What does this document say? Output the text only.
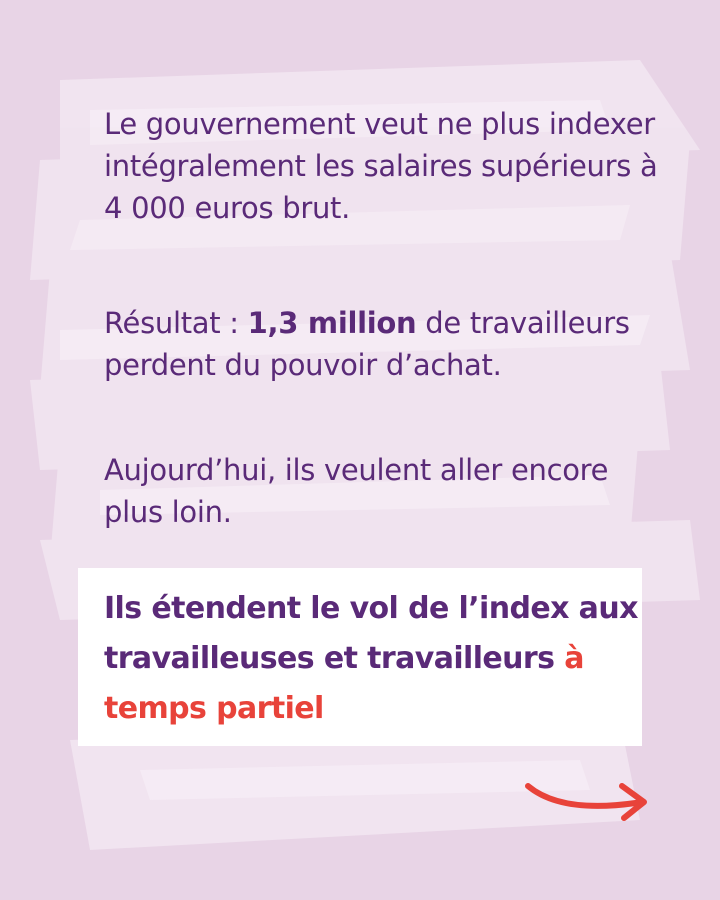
Le gouvernement veut ne plus indexer intégralement les salaires supérieurs à 4 000 euros brut.
Résultat : 1,3 million de travailleurs perdent du pouvoir d’achat.
Aujourd’hui, ils veulent aller encore plus loin.
Ils étendent le vol de l’index aux travailleuses et travailleurs à temps partiel
